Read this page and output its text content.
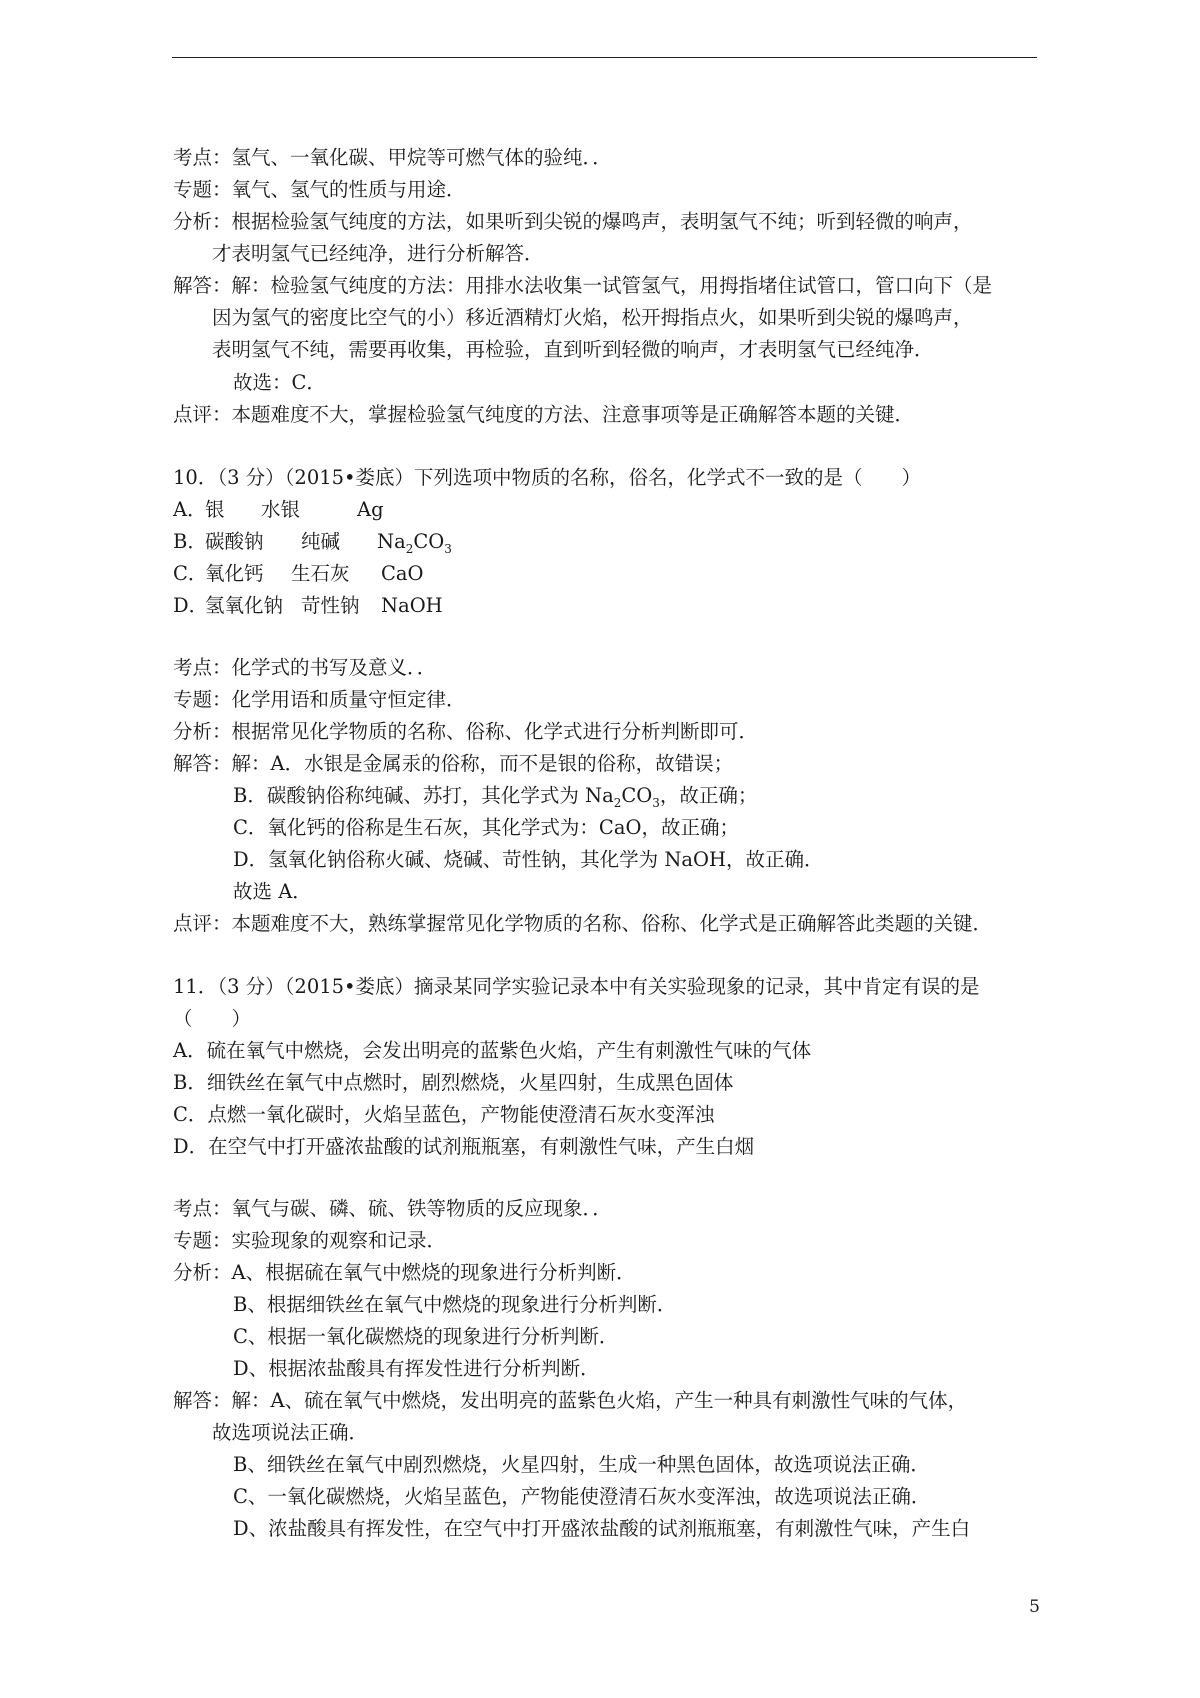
考点：氢气、一氧化碳、甲烷等可燃气体的验纯．．
专题：氧气、氢气的性质与用途．
分析：根据检验氢气纯度的方法，如果听到尖锐的爆鸣声，表明氢气不纯；听到轻微的响声，
才表明氢气已经纯净，进行分析解答．
解答：解：检验氢气纯度的方法：用排水法收集一试管氢气，用拇指堵住试管口，管口向下（是
因为氢气的密度比空气的小）移近酒精灯火焰，松开拇指点火，如果听到尖锐的爆鸣声，
表明氢气不纯，需要再收集，再检验，直到听到轻微的响声，才表明氢气已经纯净．
故选：C．
点评：本题难度不大，掌握检验氢气纯度的方法、注意事项等是正确解答本题的关键．
10．（3 分）（2015•娄底）下列选项中物质的名称，俗名，化学式不一致的是（　　）
A．银 水银	Ag
B．碳酸钠 纯碱 $Na_2CO_3$
C．氧化钙 生石灰 CaO
D．氢氧化钠 苛性钠 NaOH
考点：化学式的书写及意义．．
专题：化学用语和质量守恒定律．
分析：根据常见化学物质的名称、俗称、化学式进行分析判断即可．
解答：解：A．水银是金属汞的俗称，而不是银的俗称，故错误；
B．碳酸钠俗称纯碱、苏打，其化学式为 $Na_2CO_3$，故正确；
C．氧化钙的俗称是生石灰，其化学式为：CaO，故正确；
D．氢氧化钠俗称火碱、烧碱、苛性钠，其化学为 NaOH，故正确．
故选 A．
点评：本题难度不大，熟练掌握常见化学物质的名称、俗称、化学式是正确解答此类题的关键．
11．（3 分）（2015•娄底）摘录某同学实验记录本中有关实验现象的记录，其中肯定有误的是
（　　）
A．硫在氧气中燃烧，会发出明亮的蓝紫色火焰，产生有刺激性气味的气体
B．细铁丝在氧气中点燃时，剧烈燃烧，火星四射，生成黑色固体
C．点燃一氧化碳时，火焰呈蓝色，产物能使澄清石灰水变浑浊
D．在空气中打开盛浓盐酸的试剂瓶瓶塞，有刺激性气味，产生白烟
考点：氧气与碳、磷、硫、铁等物质的反应现象．．
专题：实验现象的观察和记录．
分析：A、根据硫在氧气中燃烧的现象进行分析判断．
B、根据细铁丝在氧气中燃烧的现象进行分析判断．
C、根据一氧化碳燃烧的现象进行分析判断．
D、根据浓盐酸具有挥发性进行分析判断．
解答：解：A、硫在氧气中燃烧，发出明亮的蓝紫色火焰，产生一种具有刺激性气味的气体，
故选项说法正确．
B、细铁丝在氧气中剧烈燃烧，火星四射，生成一种黑色固体，故选项说法正确．
C、一氧化碳燃烧，火焰呈蓝色，产物能使澄清石灰水变浑浊，故选项说法正确．
D、浓盐酸具有挥发性，在空气中打开盛浓盐酸的试剂瓶瓶塞，有刺激性气味，产生白
5
